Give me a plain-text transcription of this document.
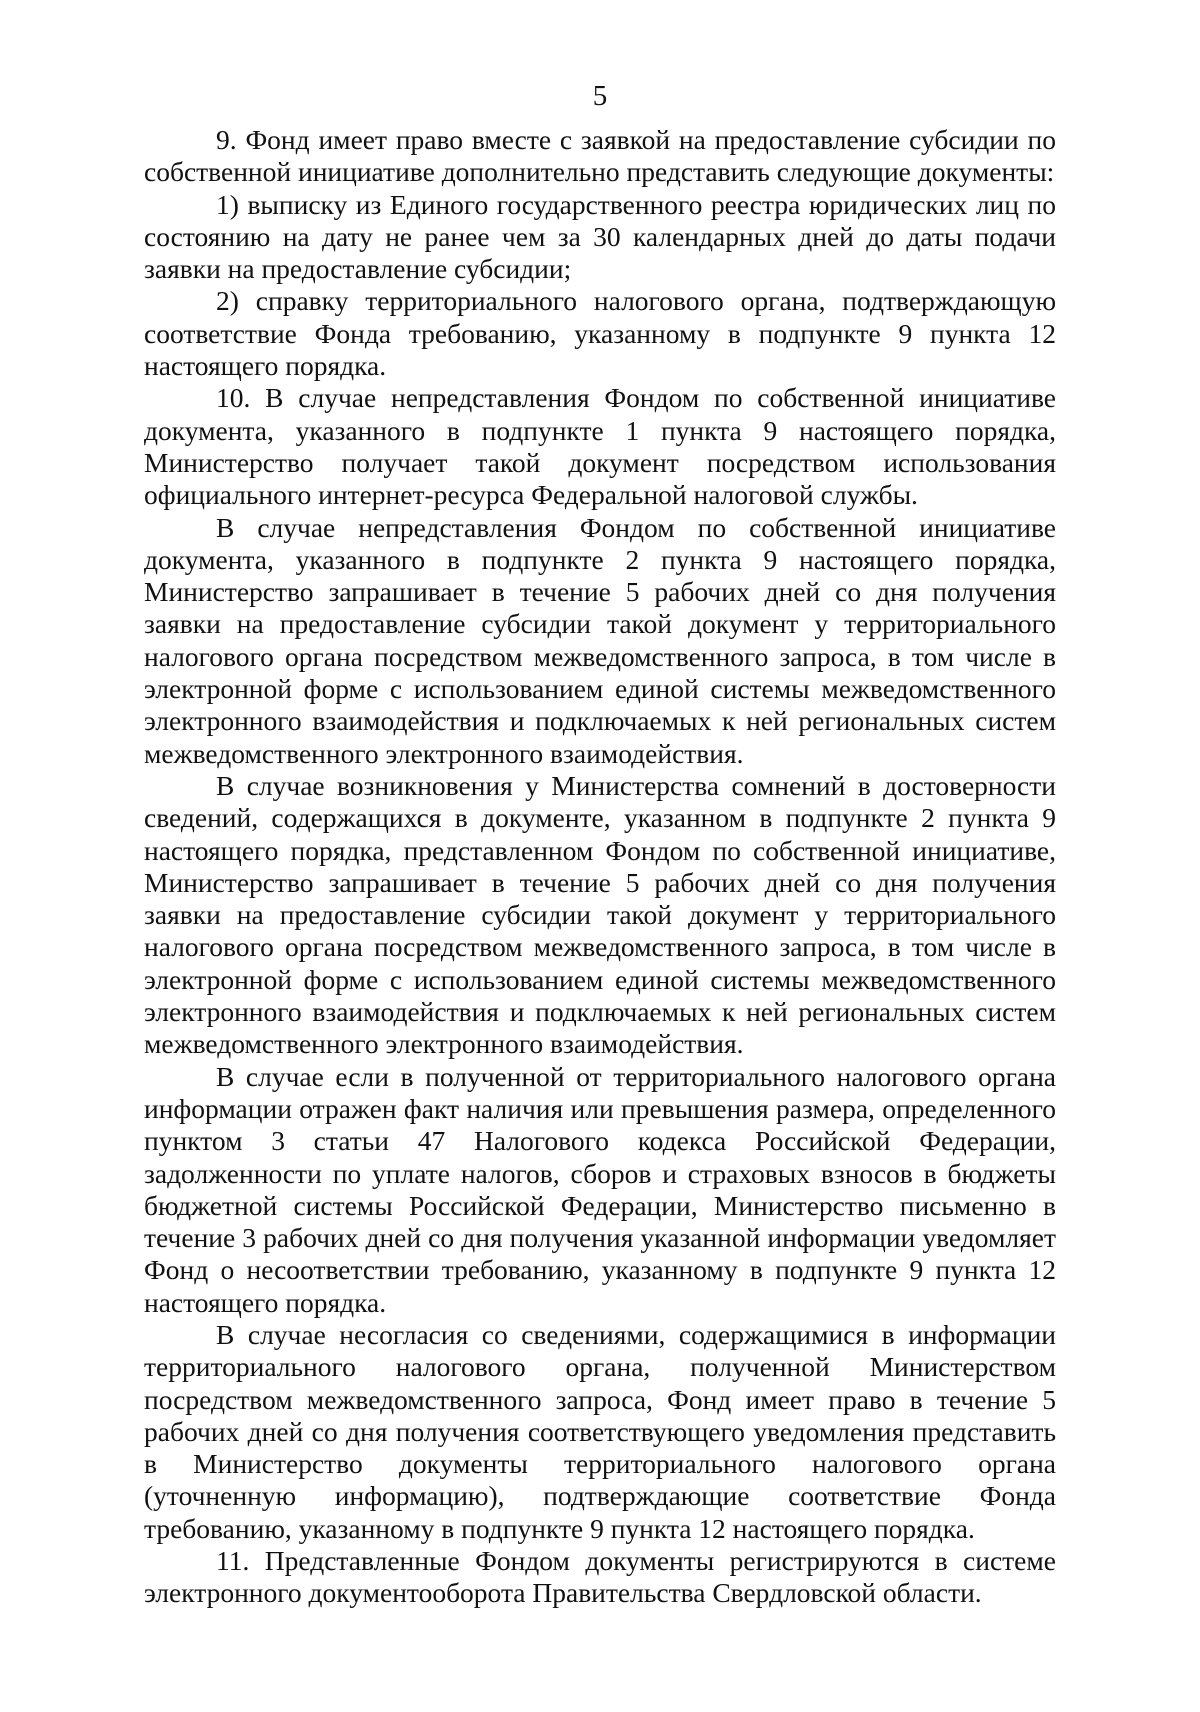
5

9. Фонд имеет право вместе с заявкой на предоставление субсидии по собственной инициативе дополнительно представить следующие документы:

1) выписку из Единого государственного реестра юридических лиц по состоянию на дату не ранее чем за 30 календарных дней до даты подачи заявки на предоставление субсидии;

2) справку территориального налогового органа, подтверждающую соответствие Фонда требованию, указанному в подпункте 9 пункта 12 настоящего порядка.

10. В случае непредставления Фондом по собственной инициативе документа, указанного в подпункте 1 пункта 9 настоящего порядка, Министерство получает такой документ посредством использования официального интернет-ресурса Федеральной налоговой службы.

В случае непредставления Фондом по собственной инициативе документа, указанного в подпункте 2 пункта 9 настоящего порядка, Министерство запрашивает в течение 5 рабочих дней со дня получения заявки на предоставление субсидии такой документ у территориального налогового органа посредством межведомственного запроса, в том числе в электронной форме с использованием единой системы межведомственного электронного взаимодействия и подключаемых к ней региональных систем межведомственного электронного взаимодействия.

В случае возникновения у Министерства сомнений в достоверности сведений, содержащихся в документе, указанном в подпункте 2 пункта 9 настоящего порядка, представленном Фондом по собственной инициативе, Министерство запрашивает в течение 5 рабочих дней со дня получения заявки на предоставление субсидии такой документ у территориального налогового органа посредством межведомственного запроса, в том числе в электронной форме с использованием единой системы межведомственного электронного взаимодействия и подключаемых к ней региональных систем межведомственного электронного взаимодействия.

В случае если в полученной от территориального налогового органа информации отражен факт наличия или превышения размера, определенного пунктом 3 статьи 47 Налогового кодекса Российской Федерации, задолженности по уплате налогов, сборов и страховых взносов в бюджеты бюджетной системы Российской Федерации, Министерство письменно в течение 3 рабочих дней со дня получения указанной информации уведомляет Фонд о несоответствии требованию, указанному в подпункте 9 пункта 12 настоящего порядка.

В случае несогласия со сведениями, содержащимися в информации территориального налогового органа, полученной Министерством посредством межведомственного запроса, Фонд имеет право в течение 5 рабочих дней со дня получения соответствующего уведомления представить в Министерство документы территориального налогового органа (уточненную информацию), подтверждающие соответствие Фонда требованию, указанному в подпункте 9 пункта 12 настоящего порядка.

11. Представленные Фондом документы регистрируются в системе электронного документооборота Правительства Свердловской области.
